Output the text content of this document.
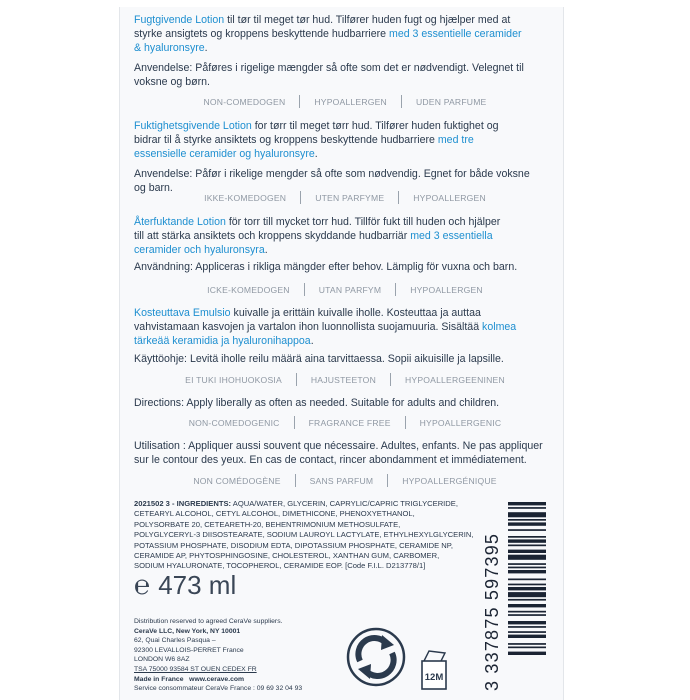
Fugtgivende Lotion til tør til meget tør hud. Tilfører huden fugt og hjælper med at

styrke ansigtets og kroppens beskyttende hudbarriere med 3 essentielle ceramider

& hyaluronsyre.

Anvendelse: Påføres i rigelige mængder så ofte som det er nødvendigt. Velegnet til

voksne og børn.

NON-COMEDOGEN	HYPOALLERGEN	UDEN PARFUME

Fuktighetsgivende Lotion for tørr til meget tørr hud. Tilfører huden fuktighet og

bidrar til å styrke ansiktets og kroppens beskyttende hudbarriere med tre

essensielle ceramider og hyaluronsyre.

Anvendelse: Påfør i rikelige mengder så ofte som nødvendig. Egnet for både voksne

og barn.

IKKE-KOMEDOGEN	UTEN PARFYME	HYPOALLERGEN

Återfuktande Lotion för torr till mycket torr hud. Tillför fukt till huden och hjälper

till att stärka ansiktets och kroppens skyddande hudbarriär med 3 essentiella

ceramider och hyaluronsyra.

Användning: Appliceras i rikliga mängder efter behov. Lämplig för vuxna och barn.

ICKE-KOMEDOGEN	UTAN PARFYM	HYPOALLERGEN

Kosteuttava Emulsio kuivalle ja erittäin kuivalle iholle. Kosteuttaa ja auttaa

vahvistamaan kasvojen ja vartalon ihon luonnollista suojamuuria. Sisältää kolmea

tärkeää keramidia ja hyaluronihappoa.

Käyttöohje: Levitä iholle reilu määrä aina tarvittaessa. Sopii aikuisille ja lapsille.

EI TUKI IHOHUOKOSIA	HAJUSTEETON	HYPOALLERGEENINEN

Directions: Apply liberally as often as needed. Suitable for adults and children.

NON-COMEDOGENIC	FRAGRANCE FREE	HYPOALLERGENIC

Utilisation : Appliquer aussi souvent que nécessaire. Adultes, enfants. Ne pas appliquer

sur le contour des yeux. En cas de contact, rincer abondamment et immédiatement.

NON COMÉDOGÈNE	SANS PARFUM	HYPOALLERGÉNIQUE
2021502 3 - INGREDIENTS: AQUA/WATER, GLYCERIN, CAPRYLIC/CAPRIC TRIGLYCERIDE,
CETEARYL ALCOHOL, CETYL ALCOHOL, DIMETHICONE, PHENOXYETHANOL,
POLYSORBATE 20, CETEARETH-20, BEHENTRIMONIUM METHOSULFATE,
POLYGLYCERYL-3 DIISOSTEARATE, SODIUM LAUROYL LACTYLATE, ETHYLHEXYLGLYCERIN,
POTASSIUM PHOSPHATE, DISODIUM EDTA, DIPOTASSIUM PHOSPHATE, CERAMIDE NP,
CERAMIDE AP, PHYTOSPHINGOSINE, CHOLESTEROL, XANTHAN GUM, CARBOMER,
SODIUM HYALURONATE, TOCOPHEROL, CERAMIDE EOP. [Code F.I.L. D213778/1]
℮ 473 ml
Distribution reserved to agreed CeraVe suppliers.
CeraVe LLC, New York, NY 10001
62, Quai Charles Pasqua –
92300 LEVALLOIS-PERRET France
LONDON W6 8AZ
TSA 75000 93584 ST OUEN CEDEX FR
Made in France www.cerave.com
Service consommateur CeraVe France : 09 69 32 04 93
12M 3 337875 597395
